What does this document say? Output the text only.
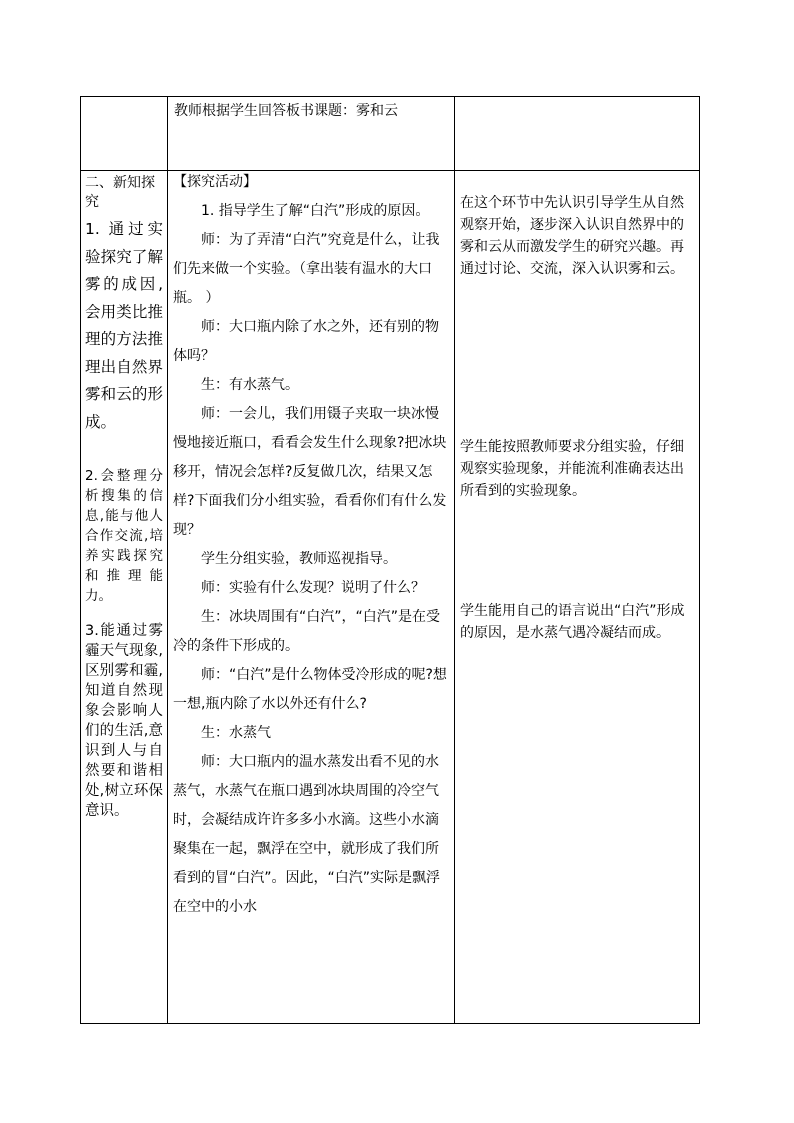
教师根据学生回答板书课题：雾和云

二、新知探究

1. 通过实验探究了解雾的成因,会用类比推理的方法推理出自然界雾和云的形成。

2.会整理分析搜集的信息,能与他人合作交流,培养实践探究和推理能力。

3.能通过雾霾天气现象,区别雾和霾,知道自然现象会影响人们的生活,意识到人与自然要和谐相处,树立环保意识。

【探究活动】

1. 指导学生了解“白汽”形成的原因。

师：为了弄清“白汽”究竟是什么，让我们先来做一个实验。（拿出装有温水的大口瓶。 ）

师：大口瓶内除了水之外，还有别的物体吗？

生：有水蒸气。

师：一会儿，我们用镊子夹取一块冰慢慢地接近瓶口，看看会发生什么现象?把冰块移开，情况会怎样?反复做几次，结果又怎样?下面我们分小组实验，看看你们有什么发现？

学生分组实验，教师巡视指导。

师：实验有什么发现？说明了什么？

生：冰块周围有“白汽”，“白汽”是在受冷的条件下形成的。

师：“白汽”是什么物体受冷形成的呢?想一想,瓶内除了水以外还有什么?

生：水蒸气

师：大口瓶内的温水蒸发出看不见的水蒸气，水蒸气在瓶口遇到冰块周围的冷空气时，会凝结成许许多多小水滴。这些小水滴聚集在一起，飘浮在空中，就形成了我们所看到的冒“白汽”。因此，“白汽”实际是飘浮在空中的小水

在这个环节中先认识引导学生从自然观察开始，逐步深入认识自然界中的雾和云从而激发学生的研究兴趣。再通过讨论、交流，深入认识雾和云。

学生能按照教师要求分组实验，仔细观察实验现象，并能流利准确表达出所看到的实验现象。

学生能用自己的语言说出“白汽”形成的原因，是水蒸气遇冷凝结而成。
